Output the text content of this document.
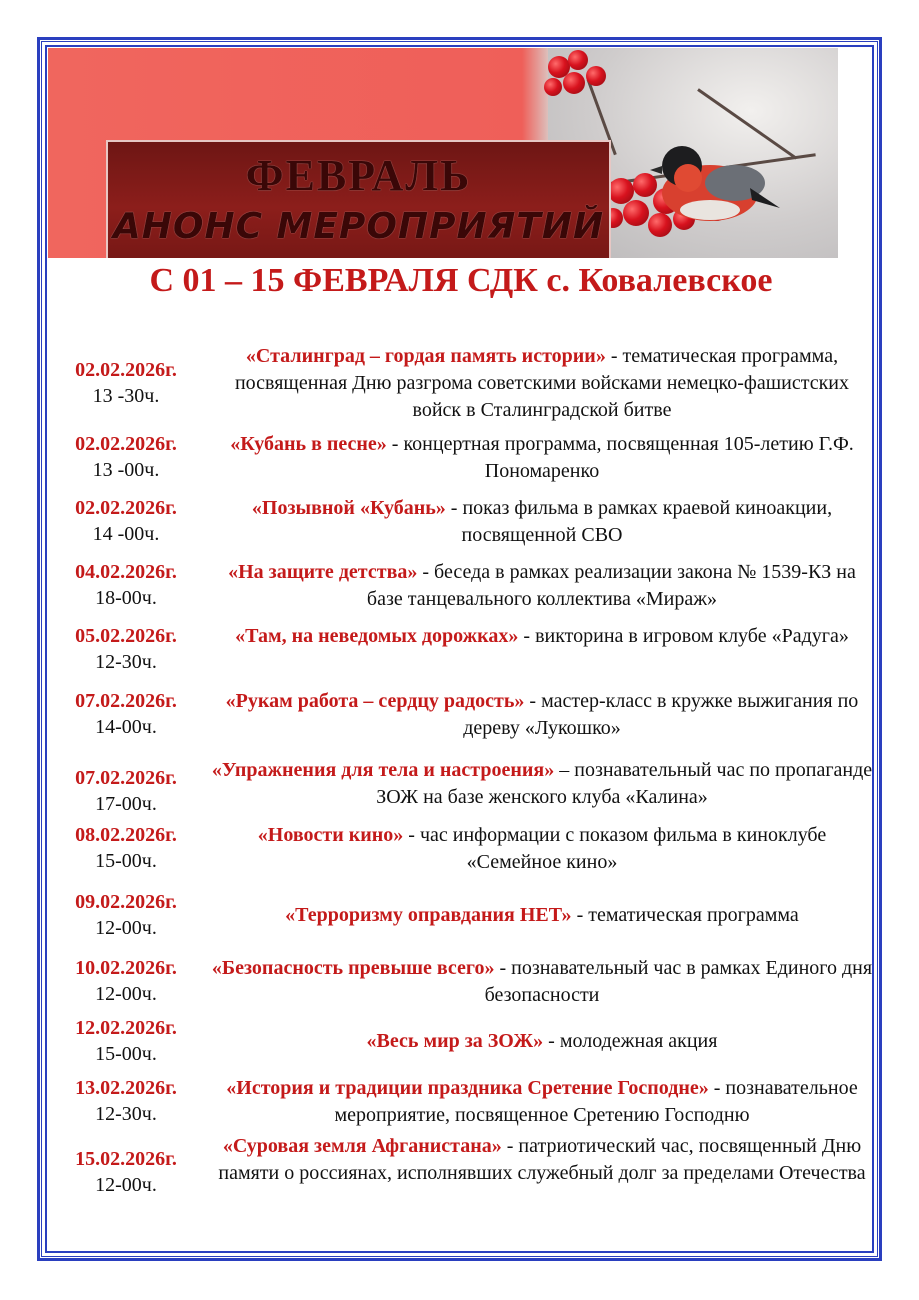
ФЕВРАЛЬ
АНОНС МЕРОПРИЯТИЙ
С 01 – 15 ФЕВРАЛЯ СДК с. Ковалевское
02.02.2026г.
13 -30ч.
«Сталинград – гордая память истории» - тематическая программа, посвященная Дню разгрома советскими войсками немецко-фашистских войск в Сталинградской битве
02.02.2026г.
13 -00ч.
«Кубань в песне» - концертная программа, посвященная 105-летию Г.Ф. Пономаренко
02.02.2026г.
14 -00ч.
«Позывной «Кубань» - показ фильма в рамках краевой киноакции, посвященной СВО
04.02.2026г.
18-00ч.
«На защите детства» - беседа в рамках реализации закона № 1539-КЗ на базе танцевального коллектива «Мираж»
05.02.2026г.
12-30ч.
«Там, на неведомых дорожках» - викторина в игровом клубе «Радуга»
07.02.2026г.
14-00ч.
«Рукам работа – сердцу радость» - мастер-класс в кружке выжигания по дереву «Лукошко»
07.02.2026г.
17-00ч.
«Упражнения для тела и настроения» – познавательный час по пропаганде ЗОЖ на базе женского клуба «Калина»
08.02.2026г.
15-00ч.
«Новости кино» - час информации с показом фильма в киноклубе «Семейное кино»
09.02.2026г.
12-00ч.
«Терроризму оправдания НЕТ» - тематическая программа
10.02.2026г.
12-00ч.
«Безопасность превыше всего» - познавательный час в рамках Единого дня безопасности
12.02.2026г.
15-00ч.
«Весь мир за ЗОЖ» - молодежная акция
13.02.2026г.
12-30ч.
«История и традиции праздника Сретение Господне» - познавательное мероприятие, посвященное Сретению Господню
15.02.2026г.
12-00ч.
«Суровая земля Афганистана» - патриотический час, посвященный Дню памяти о россиянах, исполнявших служебный долг за пределами Отечества
